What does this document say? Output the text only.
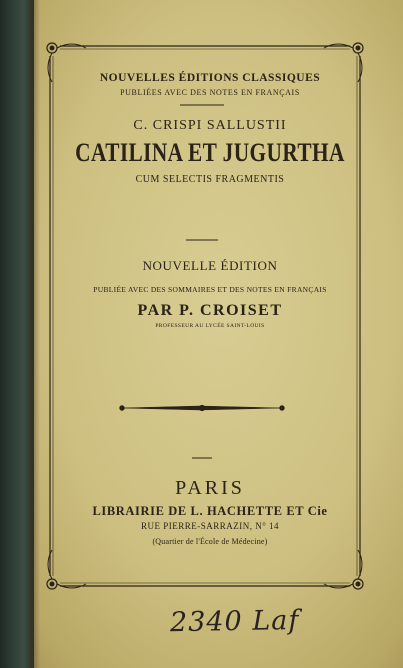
NOUVELLES ÉDITIONS CLASSIQUES
PUBLIÉES AVEC DES NOTES EN FRANÇAIS
C. CRISPI SALLUSTII
CATILINA ET JUGURTHA
CUM SELECTIS FRAGMENTIS
NOUVELLE ÉDITION
PUBLIÉE AVEC DES SOMMAIRES ET DES NOTES EN FRANÇAIS
PAR P. CROISET
PROFESSEUR AU LYCÉE SAINT-LOUIS
PARIS
LIBRAIRIE DE L. HACHETTE ET Cie
RUE PIERRE-SARRAZIN, N° 14
(Quartier de l'École de Médecine)
2340 Laf
